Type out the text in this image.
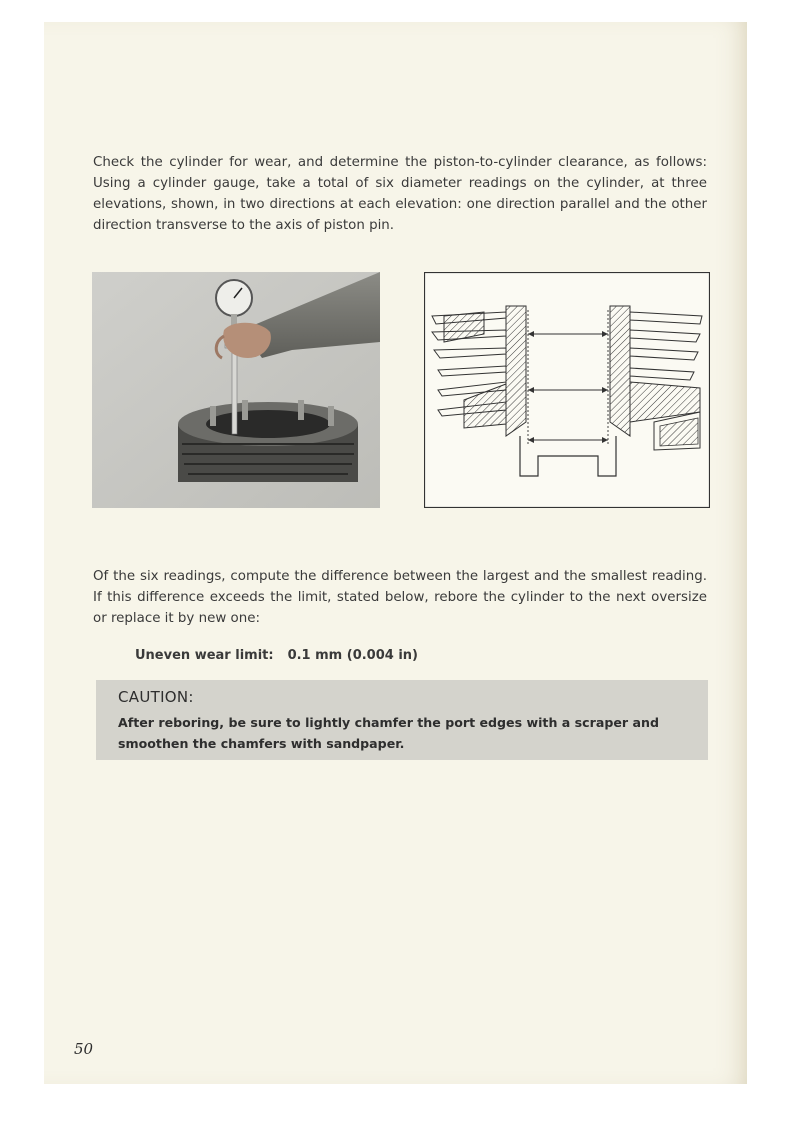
Check the cylinder for wear, and determine the piston-to-cylinder clearance, as follows: Using a cylinder gauge, take a total of six diameter readings on the cylinder, at three elevations, shown, in two directions at each elevation: one direction parallel and the other direction transverse to the axis of piston pin.

Of the six readings, compute the difference between the largest and the smallest reading. If this difference exceeds the limit, stated below, rebore the cylinder to the next oversize or replace it by new one:

Uneven wear limit: 0.1 mm (0.004 in)
CAUTION:
After reboring, be sure to lightly chamfer the port edges with a scraper and smoothen the chamfers with sandpaper.
50
